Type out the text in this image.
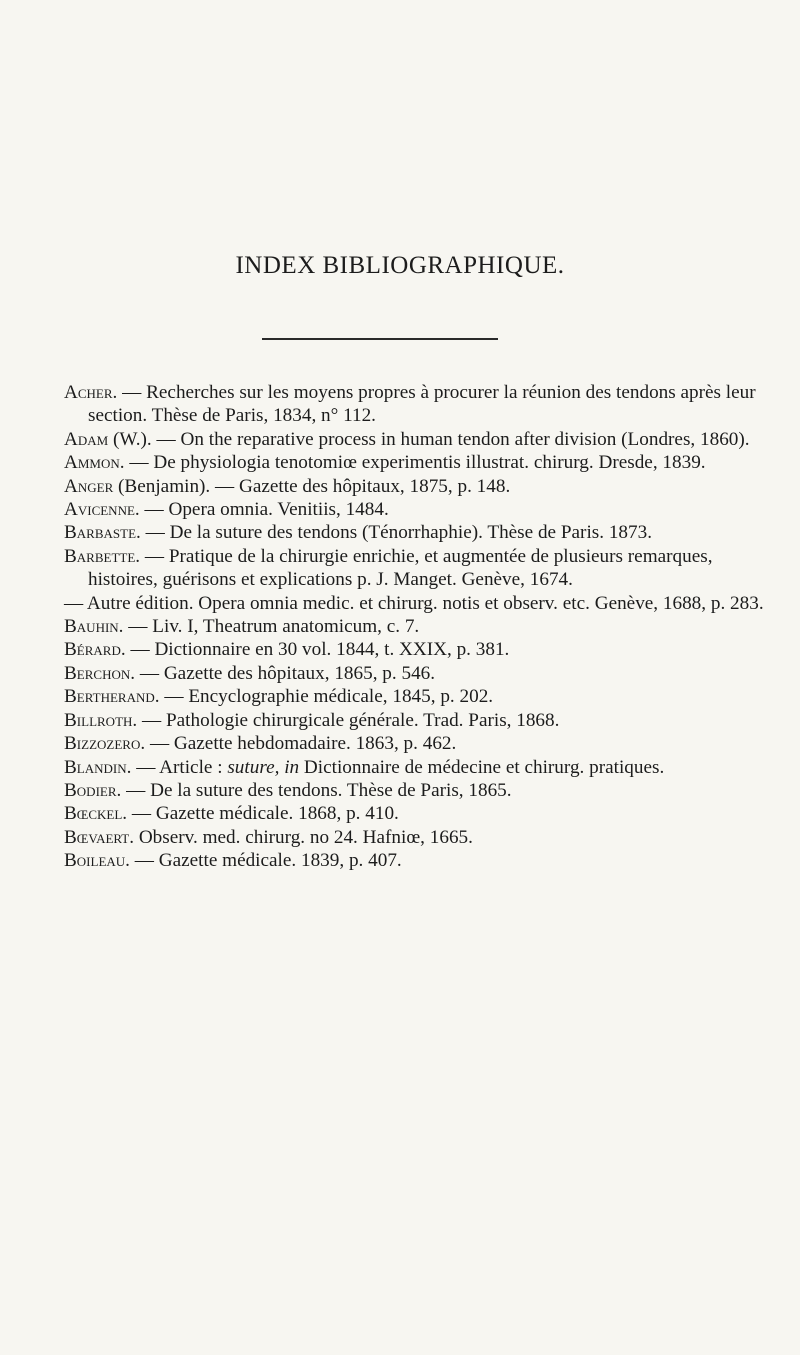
INDEX BIBLIOGRAPHIQUE.

Acher. — Recherches sur les moyens propres à procurer la réunion des tendons après leur section. Thèse de Paris, 1834, n° 112.

Adam (W.). — On the reparative process in human tendon after division (Londres, 1860).

Ammon. — De physiologia tenotomiœ experimentis illustrat. chirurg. Dresde, 1839.

Anger (Benjamin). — Gazette des hôpitaux, 1875, p. 148.

Avicenne. — Opera omnia. Venitiis, 1484.

Barbaste. — De la suture des tendons (Ténorrhaphie). Thèse de Paris. 1873.

Barbette. — Pratique de la chirurgie enrichie, et augmentée de plusieurs remarques, histoires, guérisons et explications p. J. Manget. Genève, 1674.

— Autre édition. Opera omnia medic. et chirurg. notis et observ. etc. Genève, 1688, p. 283.

Bauhin. — Liv. I, Theatrum anatomicum, c. 7.

Bérard. — Dictionnaire en 30 vol. 1844, t. XXIX, p. 381.

Berchon. — Gazette des hôpitaux, 1865, p. 546.

Bertherand. — Encyclographie médicale, 1845, p. 202.

Billroth. — Pathologie chirurgicale générale. Trad. Paris, 1868.

Bizzozero. — Gazette hebdomadaire. 1863, p. 462.

Blandin. — Article : suture, in Dictionnaire de médecine et chirurg. pratiques.

Bodier. — De la suture des tendons. Thèse de Paris, 1865.

Bœckel. — Gazette médicale. 1868, p. 410.

Bœvaert. Observ. med. chirurg. no 24. Hafniœ, 1665.

Boileau. — Gazette médicale. 1839, p. 407.
